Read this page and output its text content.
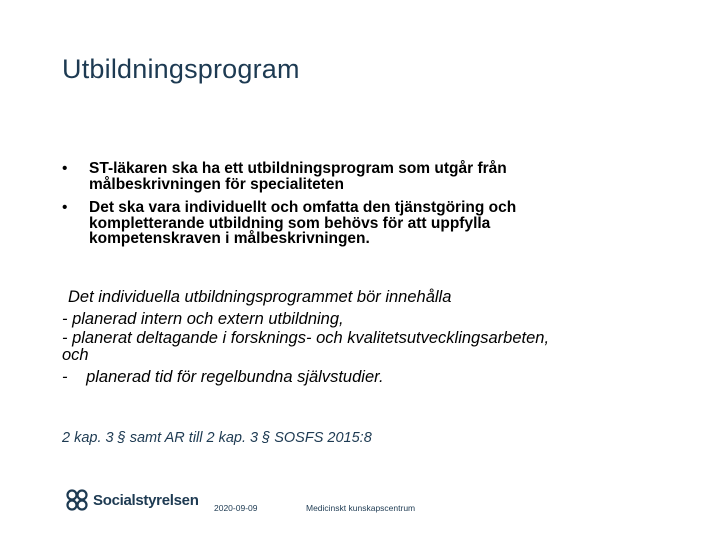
Utbildningsprogram
• ST-läkaren ska ha ett utbildningsprogram som utgår från målbeskrivningen för specialiteten
• Det ska vara individuellt och omfatta den tjänstgöring och kompletterande utbildning som behövs för att uppfylla kompetenskraven i målbeskrivningen.
Det individuella utbildningsprogrammet bör innehålla
- planerad intern och extern utbildning,
- planerat deltagande i forsknings- och kvalitetsutvecklingsarbeten,
och
- planerad tid för regelbundna självstudier.
2 kap. 3 § samt AR till 2 kap. 3 § SOSFS 2015:8
Socialstyrelsen 2020-09-09	Medicinskt kunskapscentrum
